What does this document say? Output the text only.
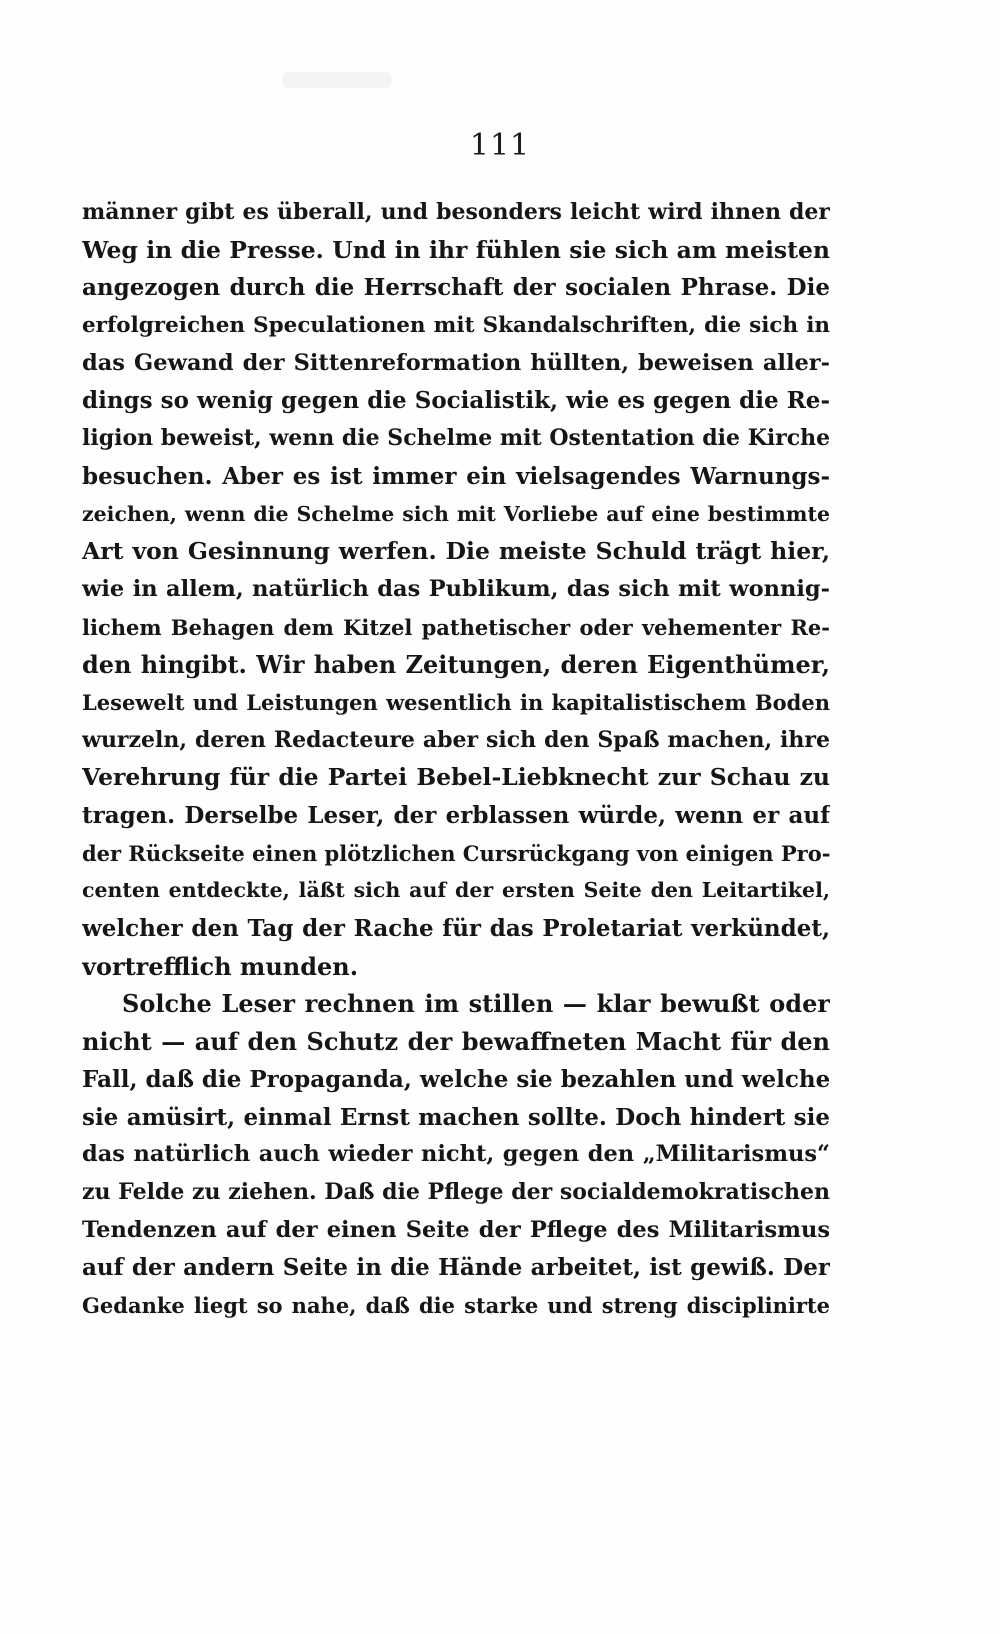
111
männer gibt es überall, und besonders leicht wird ihnen der
Weg in die Presse. Und in ihr fühlen sie sich am meisten
angezogen durch die Herrschaft der socialen Phrase. Die
erfolgreichen Speculationen mit Skandalschriften, die sich in
das Gewand der Sittenreformation hüllten, beweisen aller-
dings so wenig gegen die Socialistik, wie es gegen die Re-
ligion beweist, wenn die Schelme mit Ostentation die Kirche
besuchen. Aber es ist immer ein vielsagendes Warnungs-
zeichen, wenn die Schelme sich mit Vorliebe auf eine bestimmte
Art von Gesinnung werfen. Die meiste Schuld trägt hier,
wie in allem, natürlich das Publikum, das sich mit wonnig-
lichem Behagen dem Kitzel pathetischer oder vehementer Re-
den hingibt. Wir haben Zeitungen, deren Eigenthümer,
Lesewelt und Leistungen wesentlich in kapitalistischem Boden
wurzeln, deren Redacteure aber sich den Spaß machen, ihre
Verehrung für die Partei Bebel-Liebknecht zur Schau zu
tragen. Derselbe Leser, der erblassen würde, wenn er auf
der Rückseite einen plötzlichen Cursrückgang von einigen Pro-
centen entdeckte, läßt sich auf der ersten Seite den Leitartikel,
welcher den Tag der Rache für das Proletariat verkündet,
vortrefflich munden.
Solche Leser rechnen im stillen — klar bewußt oder
nicht — auf den Schutz der bewaffneten Macht für den
Fall, daß die Propaganda, welche sie bezahlen und welche
sie amüsirt, einmal Ernst machen sollte. Doch hindert sie
das natürlich auch wieder nicht, gegen den „Militarismus“
zu Felde zu ziehen. Daß die Pflege der socialdemokratischen
Tendenzen auf der einen Seite der Pflege des Militarismus
auf der andern Seite in die Hände arbeitet, ist gewiß. Der
Gedanke liegt so nahe, daß die starke und streng disciplinirte
